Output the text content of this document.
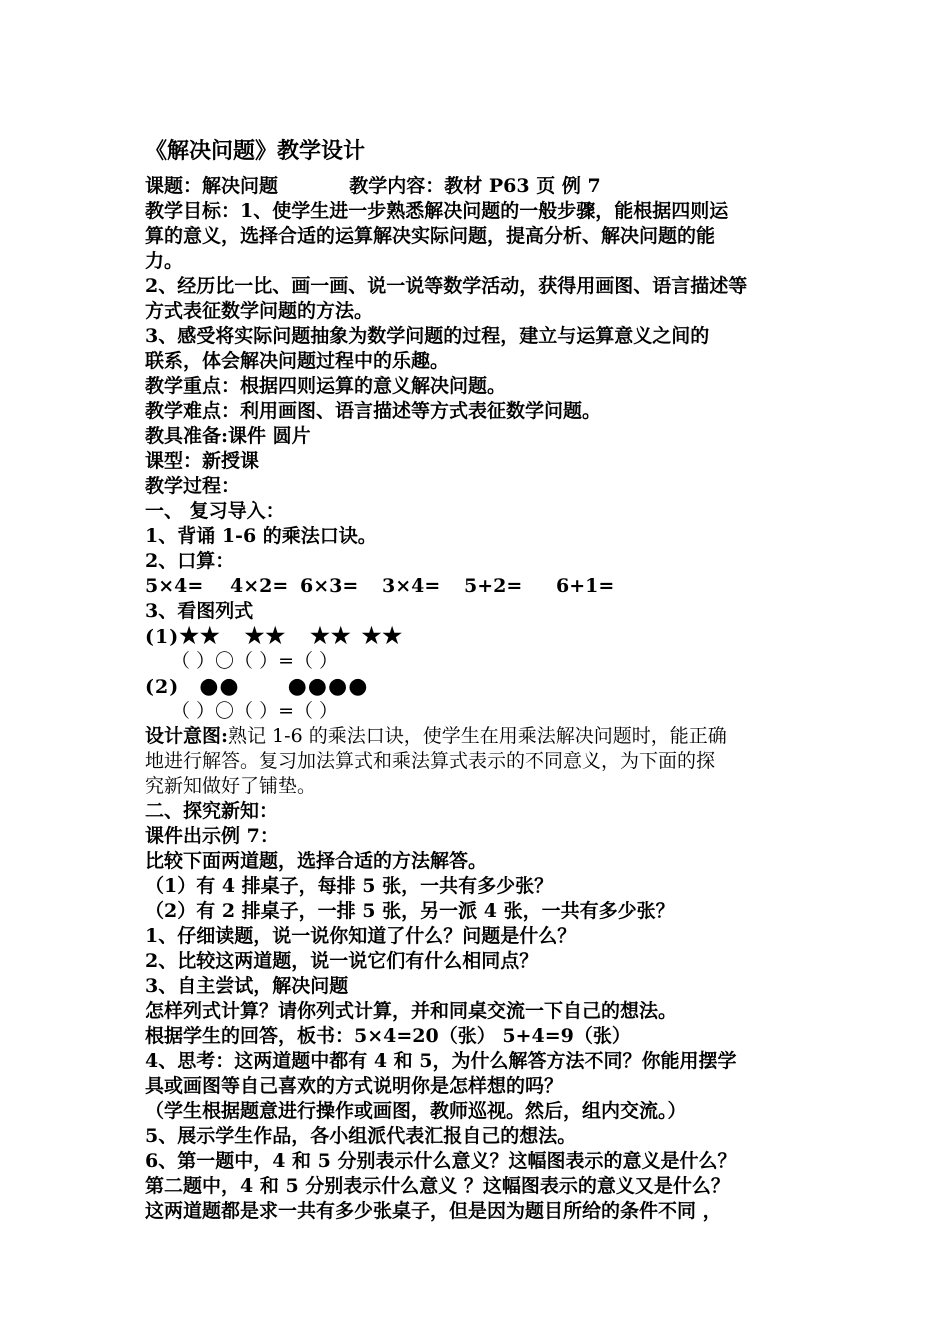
《解决问题》教学设计
课题：解决问题	教学内容：教材 P63 页 例 7
教学目标：1、使学生进一步熟悉解决问题的一般步骤，能根据四则运
算的意义，选择合适的运算解决实际问题，提高分析、解决问题的能
力。
2、经历比一比、画一画、说一说等数学活动，获得用画图、语言描述等
方式表征数学问题的方法。
3、感受将实际问题抽象为数学问题的过程，建立与运算意义之间的
联系，体会解决问题过程中的乐趣。
教学重点：根据四则运算的意义解决问题。
教学难点：利用画图、语言描述等方式表征数学问题。
教具准备:课件 圆片
课型：新授课
教学过程：
一、 复习导入：
1、背诵 1-6 的乘法口诀。
2、口算：
5×4= 4×2= 6×3= 3×4= 5+2= 6+1=
3、看图列式
(1)★★ ★★ ★★ ★★
（ ）〇（ ）=（ ）
(2) ●● ●●●●
（ ）〇（ ）=（ ）
设计意图:熟记 1-6 的乘法口诀，使学生在用乘法解决问题时，能正确
地进行解答。复习加法算式和乘法算式表示的不同意义，为下面的探
究新知做好了铺垫。
二、探究新知：
课件出示例 7：
比较下面两道题，选择合适的方法解答。
（1）有 4 排桌子，每排 5 张，一共有多少张？
（2）有 2 排桌子，一排 5 张，另一派 4 张，一共有多少张？
1、仔细读题，说一说你知道了什么？问题是什么？
2、比较这两道题，说一说它们有什么相同点？
3、自主尝试，解决问题
怎样列式计算？请你列式计算，并和同桌交流一下自己的想法。
根据学生的回答，板书：5×4=20（张） 5+4=9（张）
4、思考：这两道题中都有 4 和 5，为什么解答方法不同？你能用摆学
具或画图等自己喜欢的方式说明你是怎样想的吗？
（学生根据题意进行操作或画图，教师巡视。然后，组内交流。）
5、展示学生作品，各小组派代表汇报自己的想法。
6、第一题中，4 和 5 分别表示什么意义？这幅图表示的意义是什么？
第二题中，4 和 5 分别表示什么意义 ？这幅图表示的意义又是什么？
这两道题都是求一共有多少张桌子，但是因为题目所给的条件不同 ，
